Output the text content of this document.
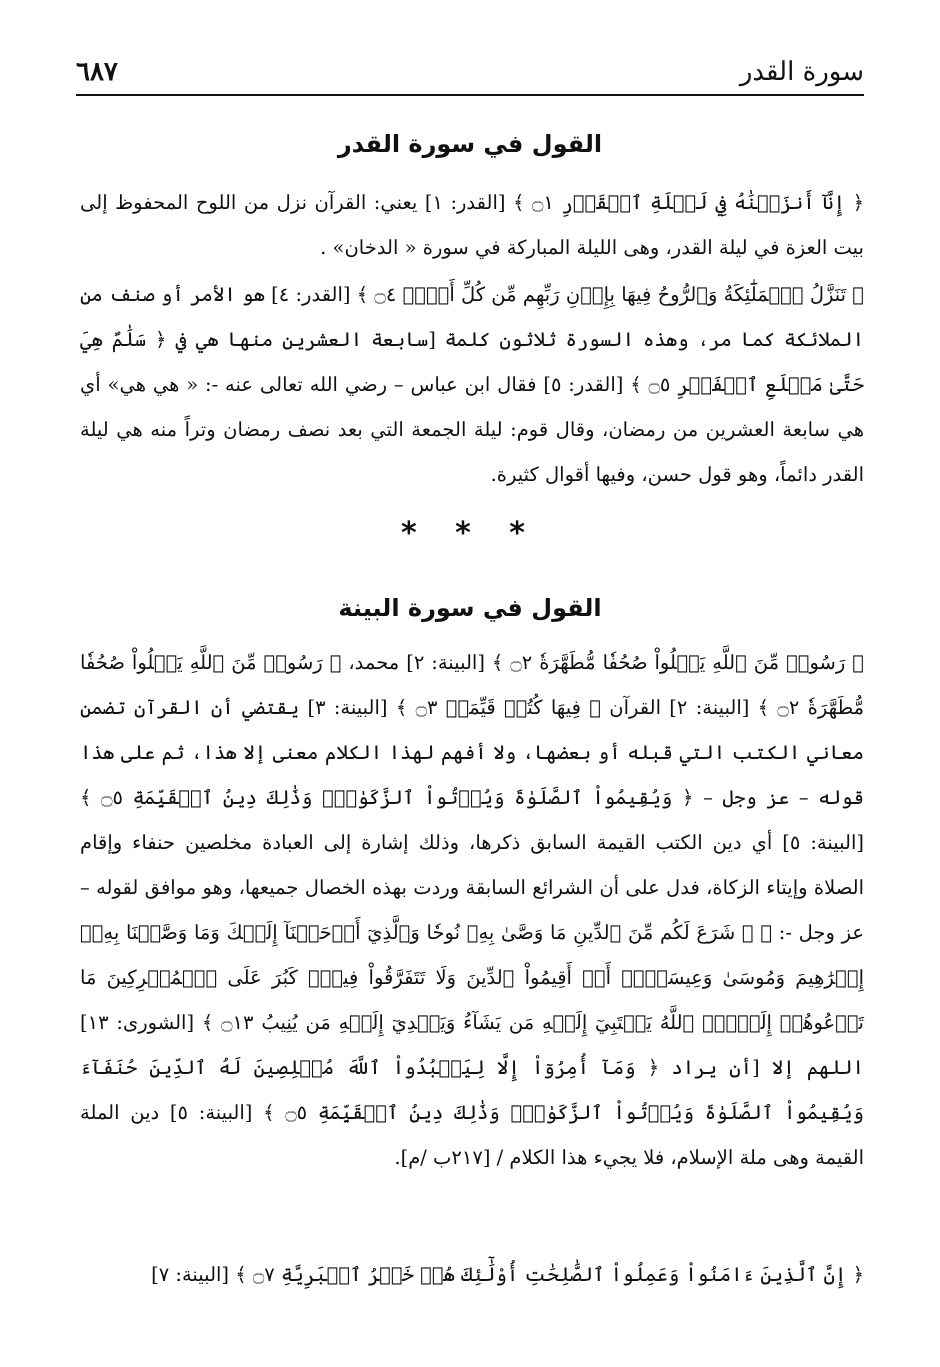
سورة القدر
٦٨٧
القول في سورة القدر

﴿ إِنَّآ أَنزَلۡنَٰهُ فِي لَيۡلَةِ ٱلۡقَدۡرِ ۝١ ﴾ [القدر: ١] يعني: القرآن نزل من اللوح المحفوظ إلى بيت العزة في ليلة القدر، وهى الليلة المباركة في سورة « الدخان» .

﴿ تَنَزَّلُ ٱلۡمَلَٰٓئِكَةُ وَٱلرُّوحُ فِيهَا بِإِذۡنِ رَبِّهِم مِّن كُلِّ أَمۡرٖ ۝٤ ﴾ [القدر: ٤] هو الأمر أو صنف من الملائكة كما مر، وهذه السورة ثلاثون كلمة [سابعة العشرين منها هي في ﴿ سَلَٰمٌ هِيَ حَتَّىٰ مَطۡلَعِ ٱلۡفَجۡرِ ۝٥ ﴾ [القدر: ٥] فقال ابن عباس – رضي الله تعالى عنه -: « هي هي» أي هي سابعة العشرين من رمضان، وقال قوم: ليلة الجمعة التي بعد نصف رمضان وتراً منه هي ليلة القدر دائماً، وهو قول حسن، وفيها أقوال كثيرة.

* * *
القول في سورة البينة

﴿ رَسُولٞ مِّنَ ٱللَّهِ يَتۡلُواْ صُحُفٗا مُّطَهَّرَةٗ ۝٢ ﴾ [البينة: ٢] محمد، ﴿ رَسُولٞ مِّنَ ٱللَّهِ يَتۡلُواْ صُحُفٗا مُّطَهَّرَةٗ ۝٢ ﴾ [البينة: ٢] القرآن ﴿ فِيهَا كُتُبٞ قَيِّمَةٞ ۝٣ ﴾ [البينة: ٣] يقتضي أن القرآن تضمن معاني الكتب التي قبله أو بعضها، ولا أفهم لهذا الكلام معنى إلا هذا، ثم على هذا قوله – عز وجل – ﴿ وَيُقِيمُواْ ٱلصَّلَوٰةَ وَيُؤۡتُواْ ٱلزَّكَوٰةَۚ وَذَٰلِكَ دِينُ ٱلۡقَيِّمَةِ ۝٥ ﴾ [البينة: ٥] أي دين الكتب القيمة السابق ذكرها، وذلك إشارة إلى العبادة مخلصين حنفاء وإقام الصلاة وإيتاء الزكاة، فدل على أن الشرائع السابقة وردت بهذه الخصال جميعها، وهو موافق لقوله – عز وجل -: ﴿ ۞ شَرَعَ لَكُم مِّنَ ٱلدِّينِ مَا وَصَّىٰ بِهِۦ نُوحٗا وَٱلَّذِيٓ أَوۡحَيۡنَآ إِلَيۡكَ وَمَا وَصَّيۡنَا بِهِۦٓ إِبۡرَٰهِيمَ وَمُوسَىٰ وَعِيسَىٰٓۖ أَنۡ أَقِيمُواْ ٱلدِّينَ وَلَا تَتَفَرَّقُواْ فِيهِۚ كَبُرَ عَلَى ٱلۡمُشۡرِكِينَ مَا تَدۡعُوهُمۡ إِلَيۡهِۚ ٱللَّهُ يَجۡتَبِيٓ إِلَيۡهِ مَن يَشَآءُ وَيَهۡدِيٓ إِلَيۡهِ مَن يُنِيبُ ۝١٣ ﴾ [الشورى: ١٣] اللهم إلا [أن يراد ﴿ وَمَآ أُمِرُوٓاْ إِلَّا لِيَعۡبُدُواْ ٱللَّهَ مُخۡلِصِينَ لَهُ ٱلدِّينَ حُنَفَآءَ وَيُقِيمُواْ ٱلصَّلَوٰةَ وَيُؤۡتُواْ ٱلزَّكَوٰةَۚ وَذَٰلِكَ دِينُ ٱلۡقَيِّمَةِ ۝٥ ﴾ [البينة: ٥] دين الملة القيمة وهى ملة الإسلام، فلا يجيء هذا الكلام / [٢١٧ب /م].

﴿ إِنَّ ٱلَّذِينَ ءَامَنُواْ وَعَمِلُواْ ٱلصَّٰلِحَٰتِ أُوْلَٰٓئِكَ هُمۡ خَيۡرُ ٱلۡبَرِيَّةِ ۝٧ ﴾ [البينة: ٧]
